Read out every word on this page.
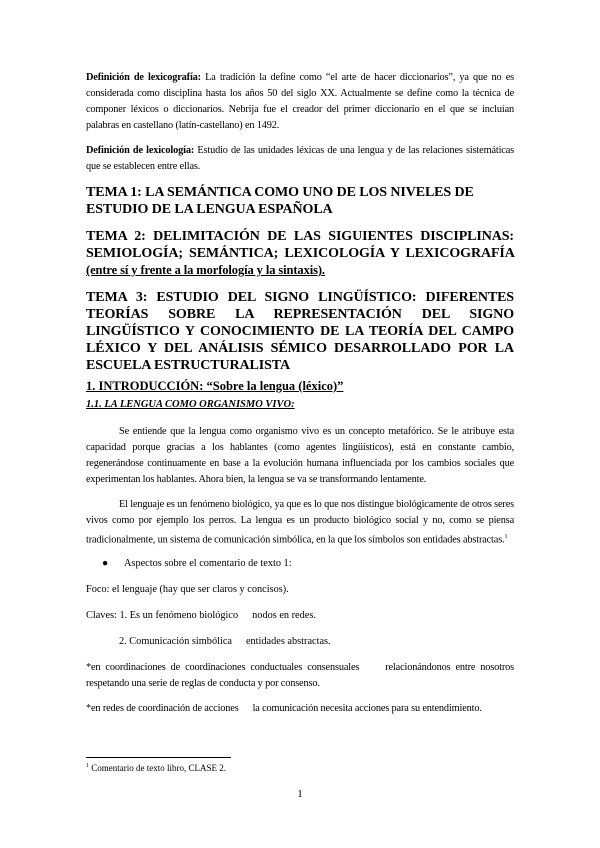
Definición de lexicografía: La tradición la define como “el arte de hacer diccionarios”, ya que no es considerada como disciplina hasta los años 50 del siglo XX. Actualmente se define como la técnica de componer léxicos o diccionarios. Nebrija fue el creador del primer diccionario en el que se incluían palabras en castellano (latín-castellano) en 1492.

Definición de lexicología: Estudio de las unidades léxicas de una lengua y de las relaciones sistemáticas que se establecen entre ellas.

TEMA 1: LA SEMÁNTICA COMO UNO DE LOS NIVELES DE ESTUDIO DE LA LENGUA ESPAÑOLA
TEMA 2: DELIMITACIÓN DE LAS SIGUIENTES DISCIPLINAS: SEMIOLOGÍA; SEMÁNTICA; LEXICOLOGÍA Y LEXICOGRAFÍA (entre sí y frente a la morfología y la sintaxis).
TEMA 3: ESTUDIO DEL SIGNO LINGÜÍSTICO: DIFERENTES TEORÍAS SOBRE LA REPRESENTACIÓN DEL SIGNO LINGÜÍSTICO Y CONOCIMIENTO DE LA TEORÍA DEL CAMPO LÉXICO Y DEL ANÁLISIS SÉMICO DESARROLLADO POR LA ESCUELA ESTRUCTURALISTA
1. INTRODUCCIÓN: “Sobre la lengua (léxico)”
1.1. LA LENGUA COMO ORGANISMO VIVO:

Se entiende que la lengua como organismo vivo es un concepto metafórico. Se le atribuye esta capacidad porque gracias a los hablantes (como agentes lingüísticos), está en constante cambio, regenerándose continuamente en base a la evolución humana influenciada por los cambios sociales que experimentan los hablantes. Ahora bien, la lengua se va se transformando lentamente.

El lenguaje es un fenómeno biológico, ya que es lo que nos distingue biológicamente de otros seres vivos como por ejemplo los perros. La lengua es un producto biológico social y no, como se piensa tradicionalmente, un sistema de comunicación simbólica, en la que los símbolos son entidades abstractas.$^1$

● Aspectos sobre el comentario de texto 1:
Foco: el lenguaje (hay que ser claros y concisos).
Claves: 1. Es un fenómeno biológico nodos en redes.
2. Comunicación simbólica entidades abstractas.

*en coordinaciones de coordinaciones conductuales consensuales	relacionándonos entre nosotros respetando una serie de reglas de conducta y por consenso.

*en redes de coordinación de acciones la comunicación necesita acciones para su entendimiento.

$^1$ Comentario de texto libro, CLASE 2.
1
